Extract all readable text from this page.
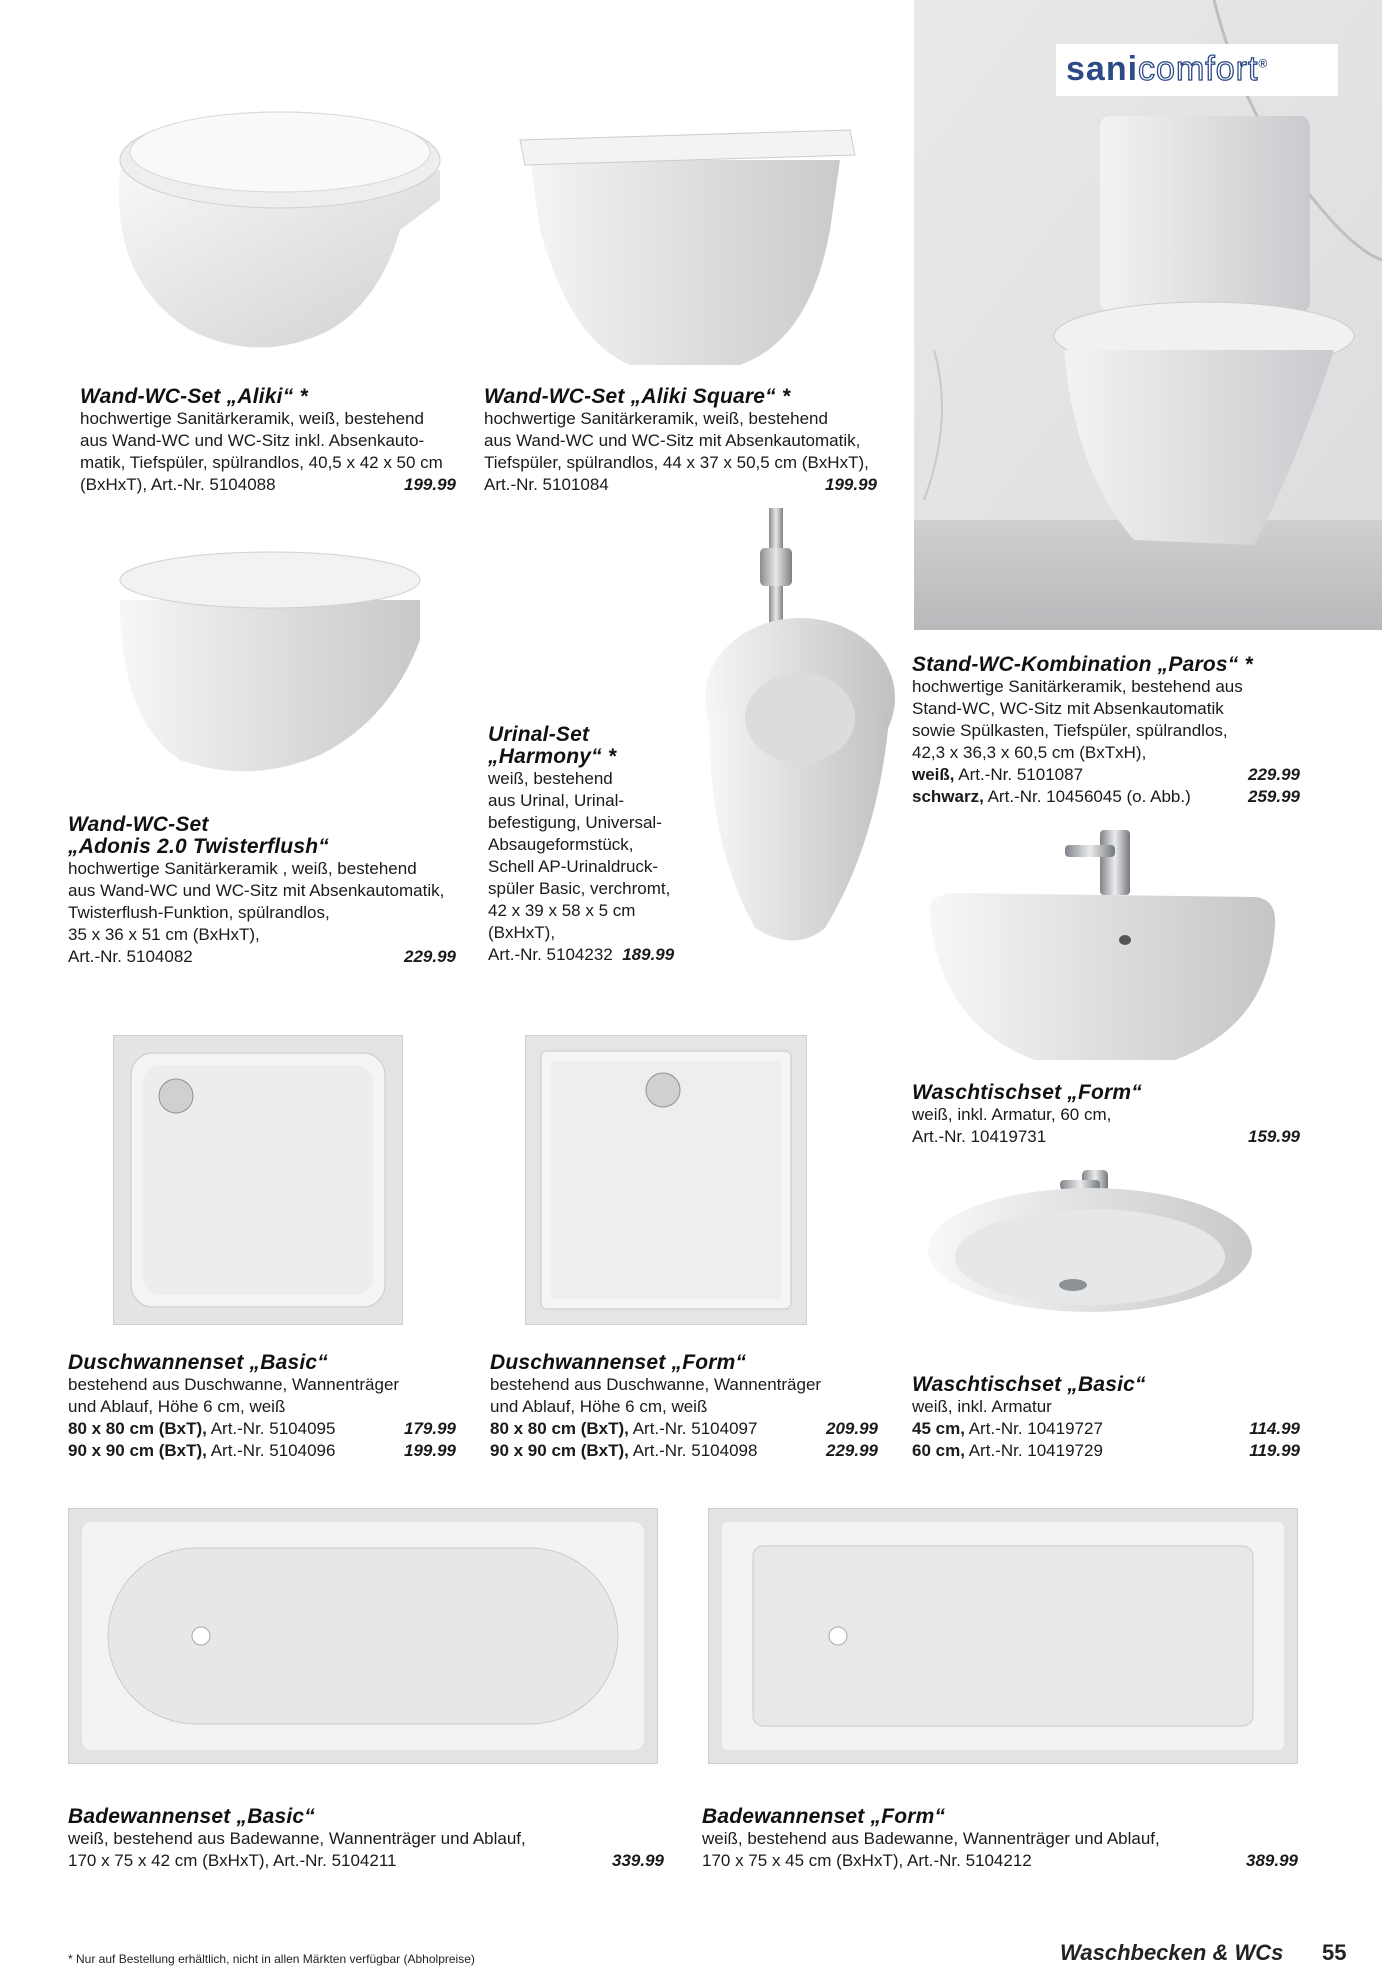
sanicomfort®
Wand-WC-Set „Aliki“ *
hochwertige Sanitärkeramik, weiß, bestehend
aus Wand-WC und WC-Sitz inkl. Absenkauto-
matik, Tiefspüler, spülrandlos, 40,5 x 42 x 50 cm
(BxHxT), Art.-Nr. 5104088	199.99
Wand-WC-Set „Aliki Square“ *
hochwertige Sanitärkeramik, weiß, bestehend
aus Wand-WC und WC-Sitz mit Absenkautomatik,
Tiefspüler, spülrandlos, 44 x 37 x 50,5 cm (BxHxT),
Art.-Nr. 5101084	199.99
Stand-WC-Kombination „Paros“ *
hochwertige Sanitärkeramik, bestehend aus
Stand-WC, WC-Sitz mit Absenkautomatik
sowie Spülkasten, Tiefspüler, spülrandlos,
42,3 x 36,3 x 60,5 cm (BxTxH),
weiß, Art.-Nr. 5101087	229.99
schwarz, Art.-Nr. 10456045 (o. Abb.)	259.99
Urinal-Set
„Harmony“ *
weiß, bestehend
aus Urinal, Urinal-
befestigung, Universal-
Absaugeformstück,
Schell AP-Urinaldruck-
spüler Basic, verchromt,
42 x 39 x 58 x 5 cm
(BxHxT),
Art.-Nr. 5104232 189.99
Wand-WC-Set
„Adonis 2.0 Twisterflush“
hochwertige Sanitärkeramik , weiß, bestehend
aus Wand-WC und WC-Sitz mit Absenkautomatik,
Twisterflush-Funktion, spülrandlos,
35 x 36 x 51 cm (BxHxT),
Art.-Nr. 5104082	229.99
Waschtischset „Form“
weiß, inkl. Armatur, 60 cm,
Art.-Nr. 10419731	159.99
Duschwannenset „Basic“
bestehend aus Duschwanne, Wannenträger
und Ablauf, Höhe 6 cm, weiß
80 x 80 cm (BxT), Art.-Nr. 5104095	179.99
90 x 90 cm (BxT), Art.-Nr. 5104096	199.99
Duschwannenset „Form“
bestehend aus Duschwanne, Wannenträger
und Ablauf, Höhe 6 cm, weiß
80 x 80 cm (BxT), Art.-Nr. 5104097	209.99
90 x 90 cm (BxT), Art.-Nr. 5104098	229.99
Waschtischset „Basic“
weiß, inkl. Armatur
45 cm, Art.-Nr. 10419727	114.99
60 cm, Art.-Nr. 10419729	119.99
Badewannenset „Basic“
weiß, bestehend aus Badewanne, Wannenträger und Ablauf,
170 x 75 x 42 cm (BxHxT), Art.-Nr. 5104211	339.99
Badewannenset „Form“
weiß, bestehend aus Badewanne, Wannenträger und Ablauf,
170 x 75 x 45 cm (BxHxT), Art.-Nr. 5104212	389.99
* Nur auf Bestellung erhältlich, nicht in allen Märkten verfügbar (Abholpreise)	Waschbecken & WCs 55
